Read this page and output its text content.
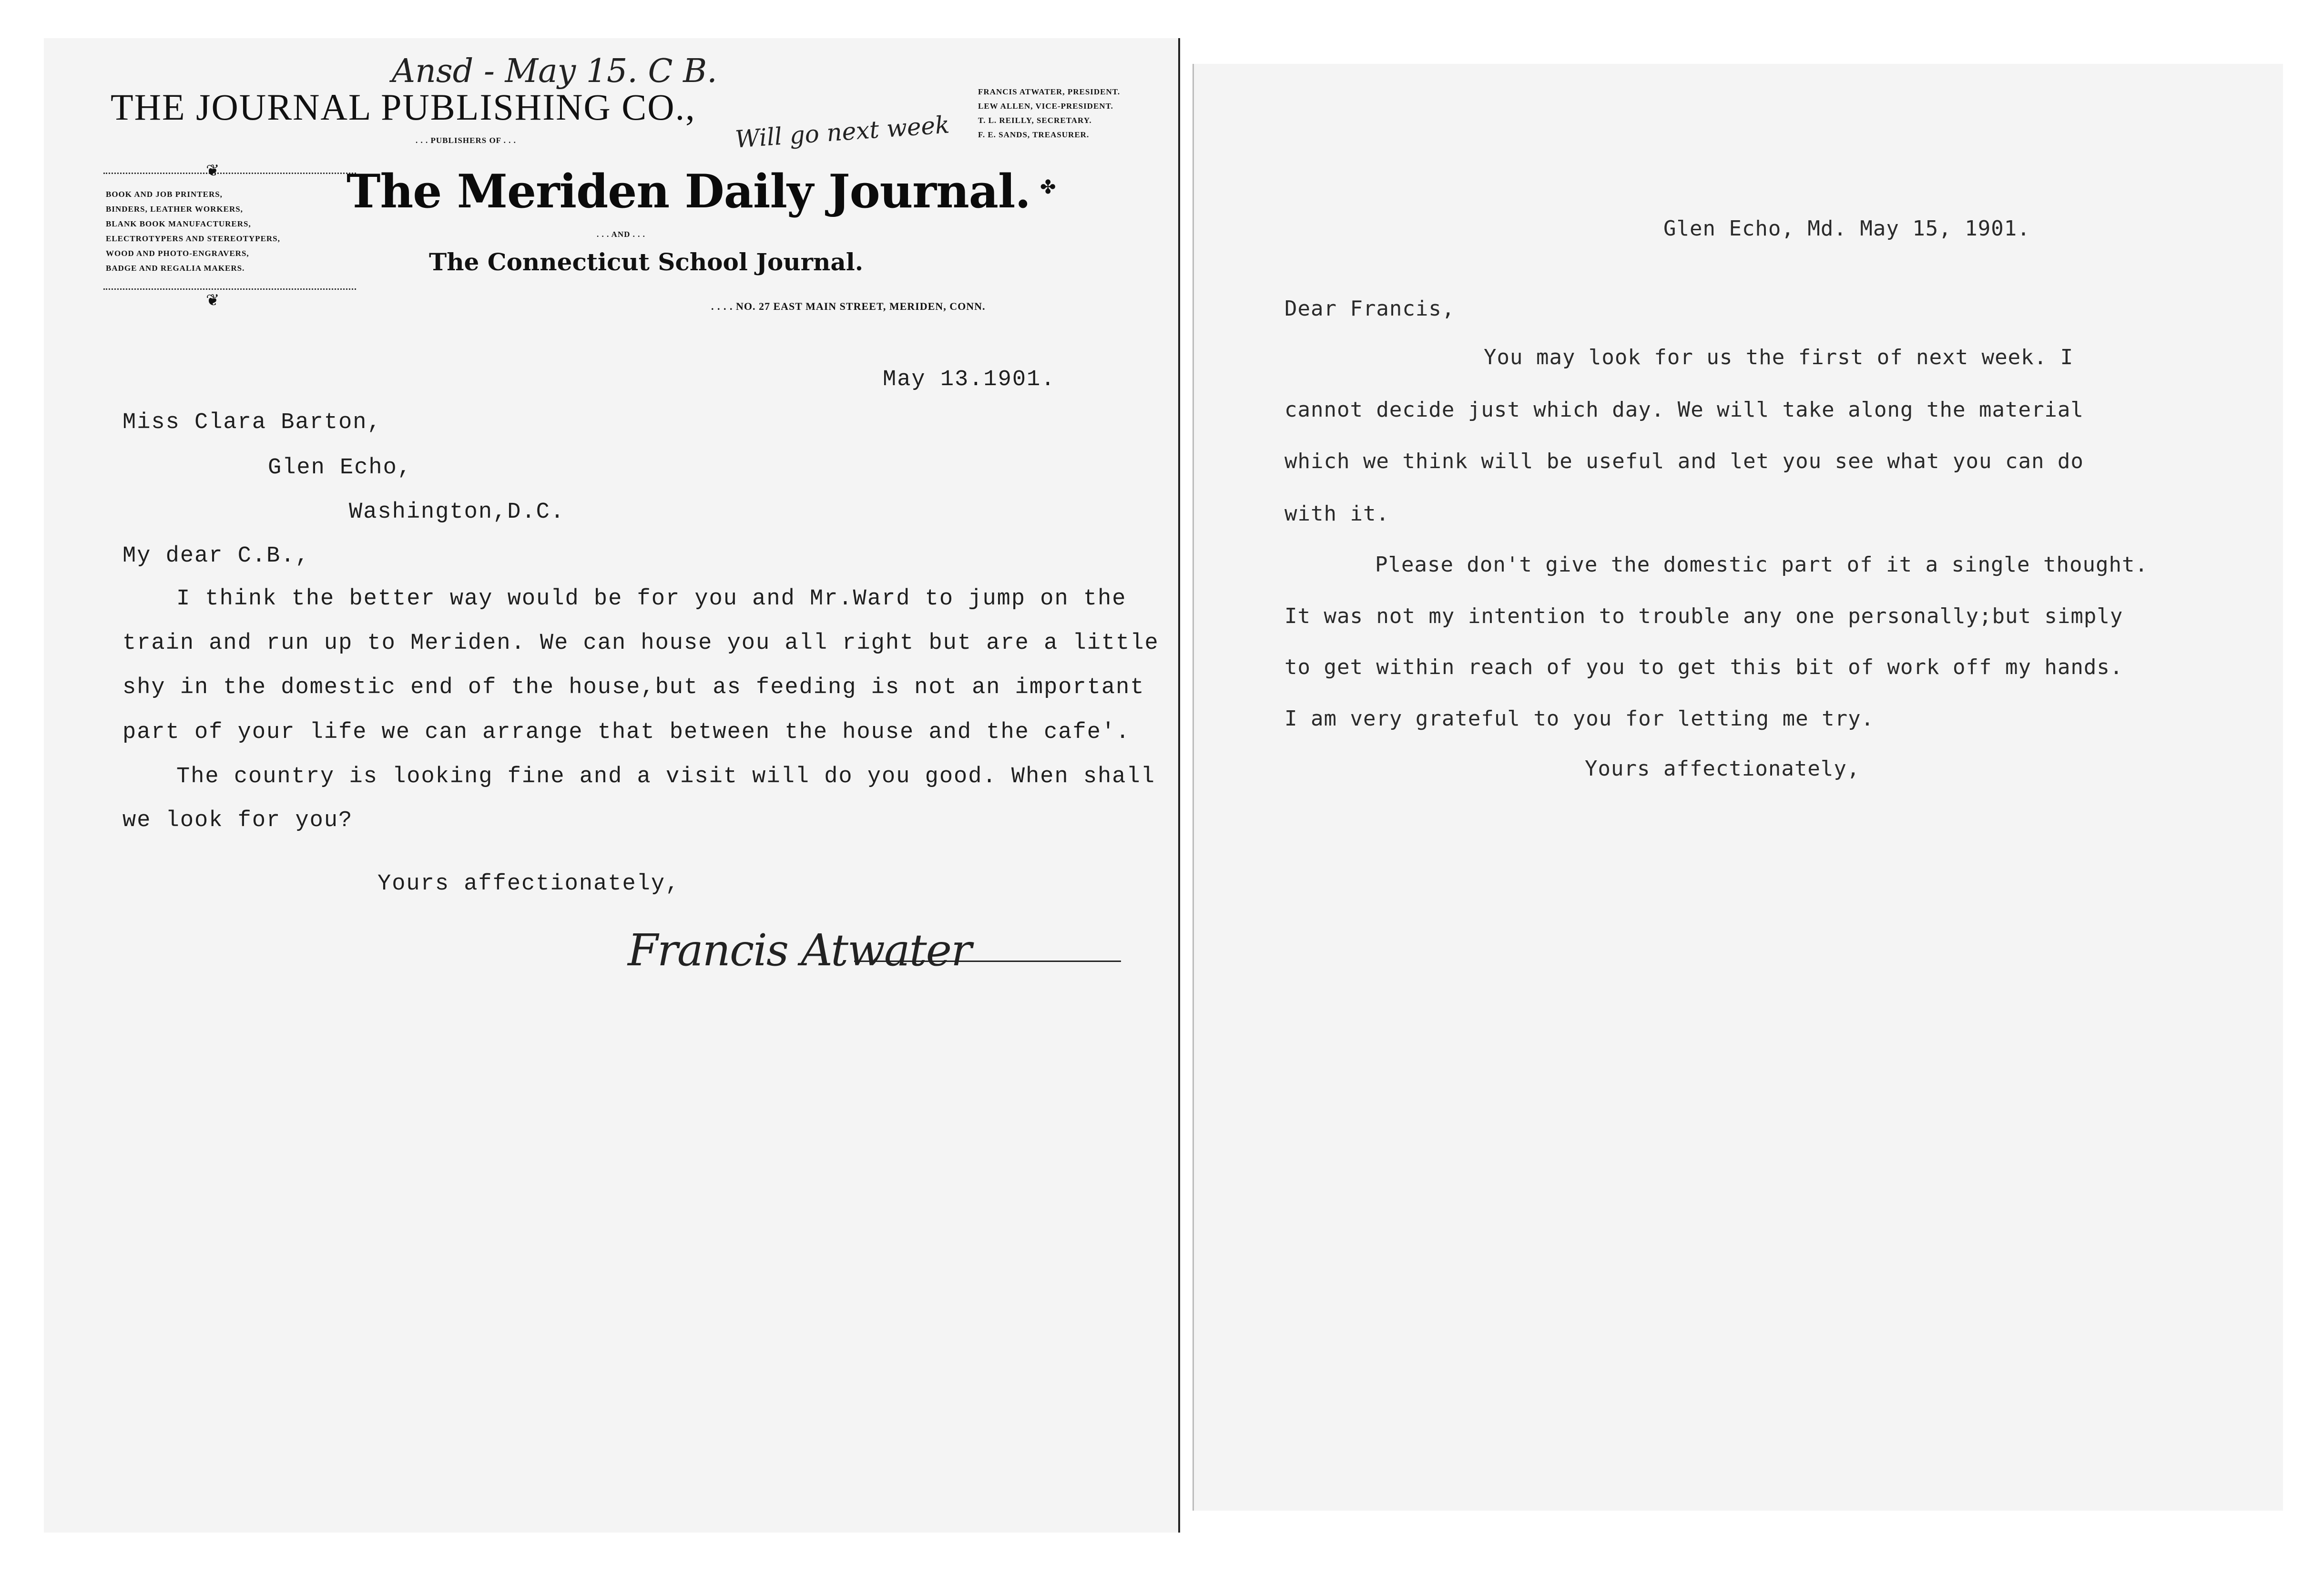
Ansd - May 15. C B.
Will go next week
THE JOURNAL PUBLISHING CO.,
. . . PUBLISHERS OF . . .
FRANCIS ATWATER, PRESIDENT.
LEW ALLEN, VICE-PRESIDENT.
T. L. REILLY, SECRETARY.
F. E. SANDS, TREASURER.
❦
BOOK AND JOB PRINTERS,
BINDERS, LEATHER WORKERS,
BLANK BOOK MANUFACTURERS,
ELECTROTYPERS AND STEREOTYPERS,
WOOD AND PHOTO-ENGRAVERS,
BADGE AND REGALIA MAKERS.
❦
The Meriden Daily Journal. ✤
. . . AND . . .
The Connecticut School Journal.
. . . . NO. 27 EAST MAIN STREET, MERIDEN, CONN.
May 13.1901.
Miss Clara Barton,
Glen Echo,
Washington,D.C.
My dear C.B.,
I think the better way would be for you and Mr.Ward to jump on the
train and run up to Meriden. We can house you all right but are a little
shy in the domestic end of the house,but as feeding is not an important
part of your life we can arrange that between the house and the cafe'.
The country is looking fine and a visit will do you good. When shall
we look for you?
Yours affectionately,
Francis Atwater
Glen Echo, Md. May 15, 1901.
Dear Francis,
You may look for us the first of next week. I
cannot decide just which day. We will take along the material
which we think will be useful and let you see what you can do
with it.
Please don't give the domestic part of it a single thought.
It was not my intention to trouble any one personally;but simply
to get within reach of you to get this bit of work off my hands.
I am very grateful to you for letting me try.
Yours affectionately,
